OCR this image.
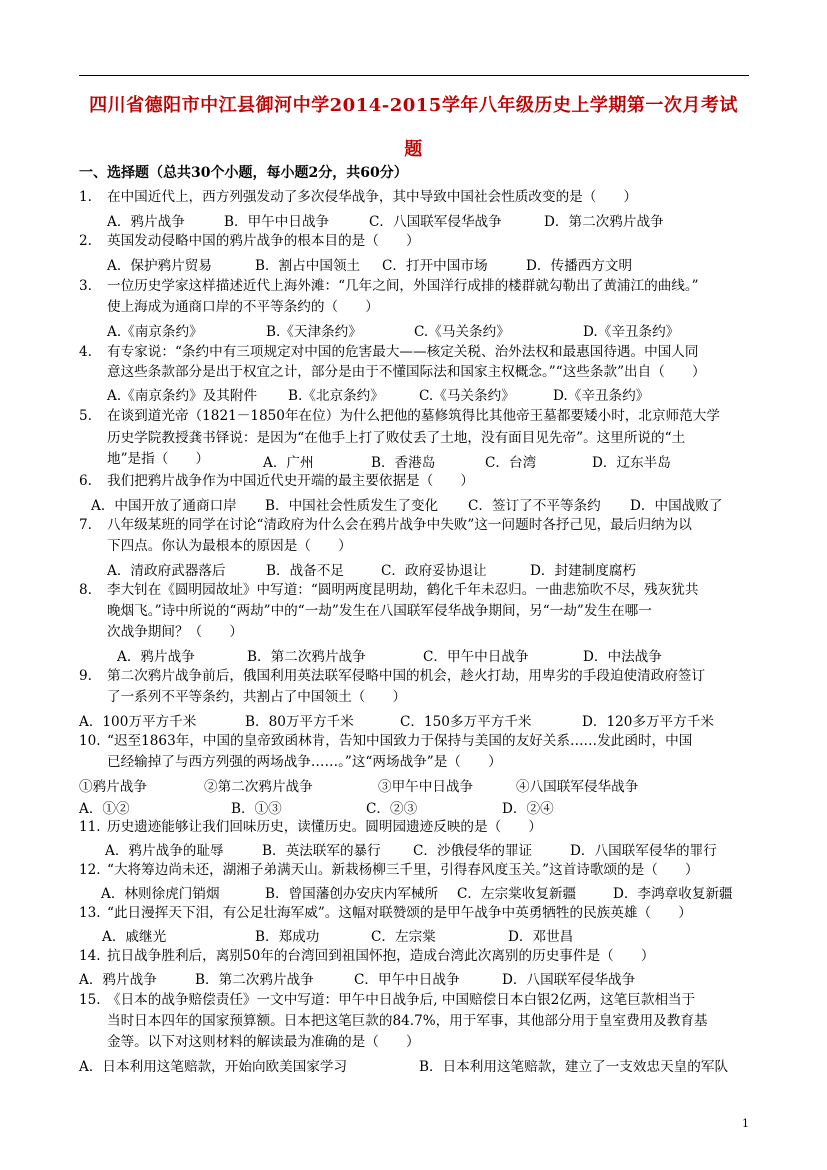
四川省德阳市中江县御河中学2014-2015学年八年级历史上学期第一次月考试
题
一、选择题（总共30个小题，每小题2分，共60分）
1.	在中国近代上，西方列强发动了多次侵华战争，其中导致中国社会性质改变的是（　　）
A．鸦片战争	B．甲午中日战争	C．八国联军侵华战争	D．第二次鸦片战争
2.	英国发动侵略中国的鸦片战争的根本目的是（　　）
A．保护鸦片贸易	B．割占中国领土 C．打开中国市场	D．传播西方文明
3.	一位历史学家这样描述近代上海外滩：“几年之间，外国洋行成排的楼群就勾勒出了黄浦江的曲线。”
使上海成为通商口岸的不平等条约的（　　）
A.《南京条约》	B.《天津条约》	C.《马关条约》	D.《辛丑条约》
4.	有专家说：“条约中有三项规定对中国的危害最大——核定关税、治外法权和最惠国待遇。中国人同
意这些条款部分是出于权宜之计，部分是由于不懂国际法和国家主权概念。”“这些条款”出自（　　）
A.《南京条约》及其附件 B.《北京条约》	C.《马关条约》	D.《辛丑条约》
5.	在谈到道光帝（1821－1850年在位）为什么把他的墓修筑得比其他帝王墓都要矮小时，北京师范大学
历史学院教授龚书铎说：是因为“在他手上打了败仗丢了土地，没有面目见先帝”。这里所说的“土
地”是指（　　）	A．广州	B．香港岛	C．台湾	D．辽东半岛
6.	我们把鸦片战争作为中国近代史开端的最主要依据是（　　）
A．中国开放了通商口岸 B．中国社会性质发生了变化 C．签订了不平等条约 D．中国战败了
7.	八年级某班的同学在讨论“清政府为什么会在鸦片战争中失败”这一问题时各抒己见，最后归纳为以
下四点。你认为最根本的原因是（　　）
A．清政府武器落后	B．战备不足	C．政府妥协退让	D．封建制度腐朽
8.	李大钊在《圆明园故址》中写道：“圆明两度昆明劫，鹤化千年未忍归。一曲悲笳吹不尽，残灰犹共
晚烟飞。”诗中所说的“两劫”中的“一劫”发生在八国联军侵华战争期间，另“一劫”发生在哪一
次战争期间？（　　）
A．鸦片战争	B．第二次鸦片战争	C．甲午中日战争	D．中法战争
9.	第二次鸦片战争前后，俄国利用英法联军侵略中国的机会，趁火打劫，用卑劣的手段迫使清政府签订
了一系列不平等条约，共割占了中国领土（　　）
A．100万平方千米	B．80万平方千米	C．150多万平方千米	D．120多万平方千米
10. “迟至1863年，中国的皇帝致函林肯，告知中国致力于保持与美国的友好关系……发此函时，中国
已经输掉了与西方列强的两场战争……。”这“两场战争”是（　　）
①鸦片战争	②第二次鸦片战争	③甲午中日战争	④八国联军侵华战争
A．①②	B．①③	C．②③	D．②④
11. 历史遗迹能够让我们回味历史，读懂历史。圆明园遗迹反映的是（　　）
A．鸦片战争的耻辱	B．英法联军的暴行 C．沙俄侵华的罪证	D．八国联军侵华的罪行
12. “大将筹边尚未还，湖湘子弟满天山。新栽杨柳三千里，引得春风度玉关。”这首诗歌颂的是（　　）
A．林则徐虎门销烟	B．曾国藩创办安庆内军械所 C．左宗棠收复新疆	D．李鸿章收复新疆
13. “此日漫挥天下泪，有公足壮海军威”。这幅对联赞颂的是甲午战争中英勇牺牲的民族英雄（　　）
A．戚继光	B．郑成功	C．左宗棠	D．邓世昌
14. 抗日战争胜利后，离别50年的台湾回到祖国怀抱，造成台湾此次离别的历史事件是（　　）
A．鸦片战争	B．第二次鸦片战争	C．甲午中日战争	D．八国联军侵华战争
15. 《日本的战争赔偿责任》一文中写道：甲午中日战争后, 中国赔偿日本白银2亿两，这笔巨款相当于
当时日本四年的国家预算额。日本把这笔巨款的84.7%，用于军事，其他部分用于皇室费用及教育基
金等。以下对这则材料的解读最为准确的是（　　）
A．日本利用这笔赔款，开始向欧美国家学习	B．日本利用这笔赔款，建立了一支效忠天皇的军队
1
